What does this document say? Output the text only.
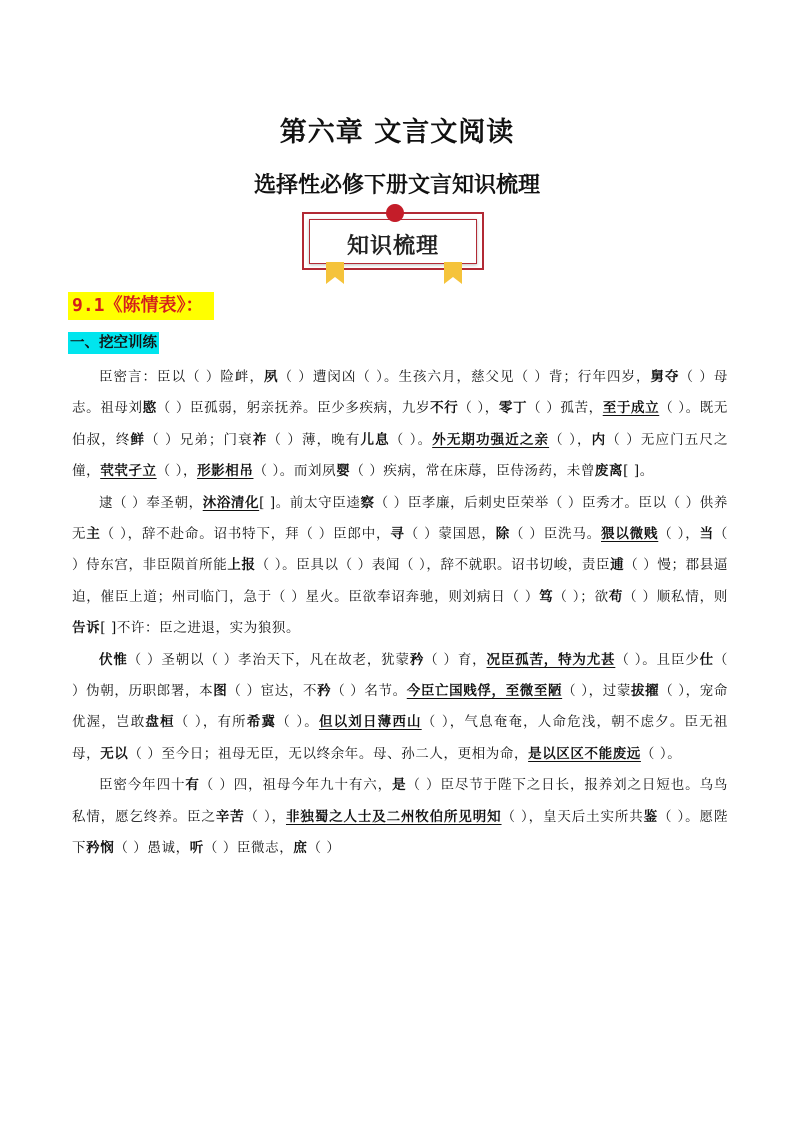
第六章 文言文阅读
选择性必修下册文言知识梳理
知识梳理
9.1《陈情表》：
一、挖空训练

臣密言：臣以（ ）险衅，夙（ ）遭闵凶（ ）。生孩六月，慈父见（ ）背；行年四岁，舅夺（ ）母志。祖母刘愍（ ）臣孤弱，躬亲抚养。臣少多疾病，九岁不行（ ），零丁（ ）孤苦，至于成立（ ）。既无伯叔，终鲜（ ）兄弟；门衰祚（ ）薄，晚有儿息（ ）。外无期功强近之亲（ ），内（ ）无应门五尺之僮，茕茕孑立（ ），形影相吊（ ）。而刘夙婴（ ）疾病，常在床蓐，臣侍汤药，未曾废离[ ]。

逮（ ）奉圣朝，沐浴清化[ ]。前太守臣逵察（ ）臣孝廉，后刺史臣荣举（ ）臣秀才。臣以（ ）供养无主（ ），辞不赴命。诏书特下，拜（ ）臣郎中，寻（ ）蒙国恩，除（ ）臣洗马。猥以微贱（ ），当（ ）侍东宫，非臣陨首所能上报（ ）。臣具以（ ）表闻（ ），辞不就职。诏书切峻，责臣逋（ ）慢；郡县逼迫，催臣上道；州司临门，急于（ ）星火。臣欲奉诏奔驰，则刘病日（ ）笃（ ）；欲苟（ ）顺私情，则告诉[ ]不许：臣之进退，实为狼狈。

伏惟（ ）圣朝以（ ）孝治天下，凡在故老，犹蒙矜（ ）育，况臣孤苦，特为尤甚（ ）。且臣少仕（ ）伪朝，历职郎署，本图（ ）宦达，不矜（ ）名节。今臣亡国贱俘，至微至陋（ ），过蒙拔擢（ ），宠命优渥，岂敢盘桓（ ），有所希冀（ ）。但以刘日薄西山（ ），气息奄奄，人命危浅，朝不虑夕。臣无祖母，无以（ ）至今日；祖母无臣，无以终余年。母、孙二人，更相为命，是以区区不能废远（ ）。

臣密今年四十有（ ）四，祖母今年九十有六，是（ ）臣尽节于陛下之日长，报养刘之日短也。乌鸟私情，愿乞终养。臣之辛苦（ ），非独蜀之人士及二州牧伯所见明知（ ），皇天后土实所共鉴（ ）。愿陛下矜悯（ ）愚诚，听（ ）臣微志，庶（ ）
